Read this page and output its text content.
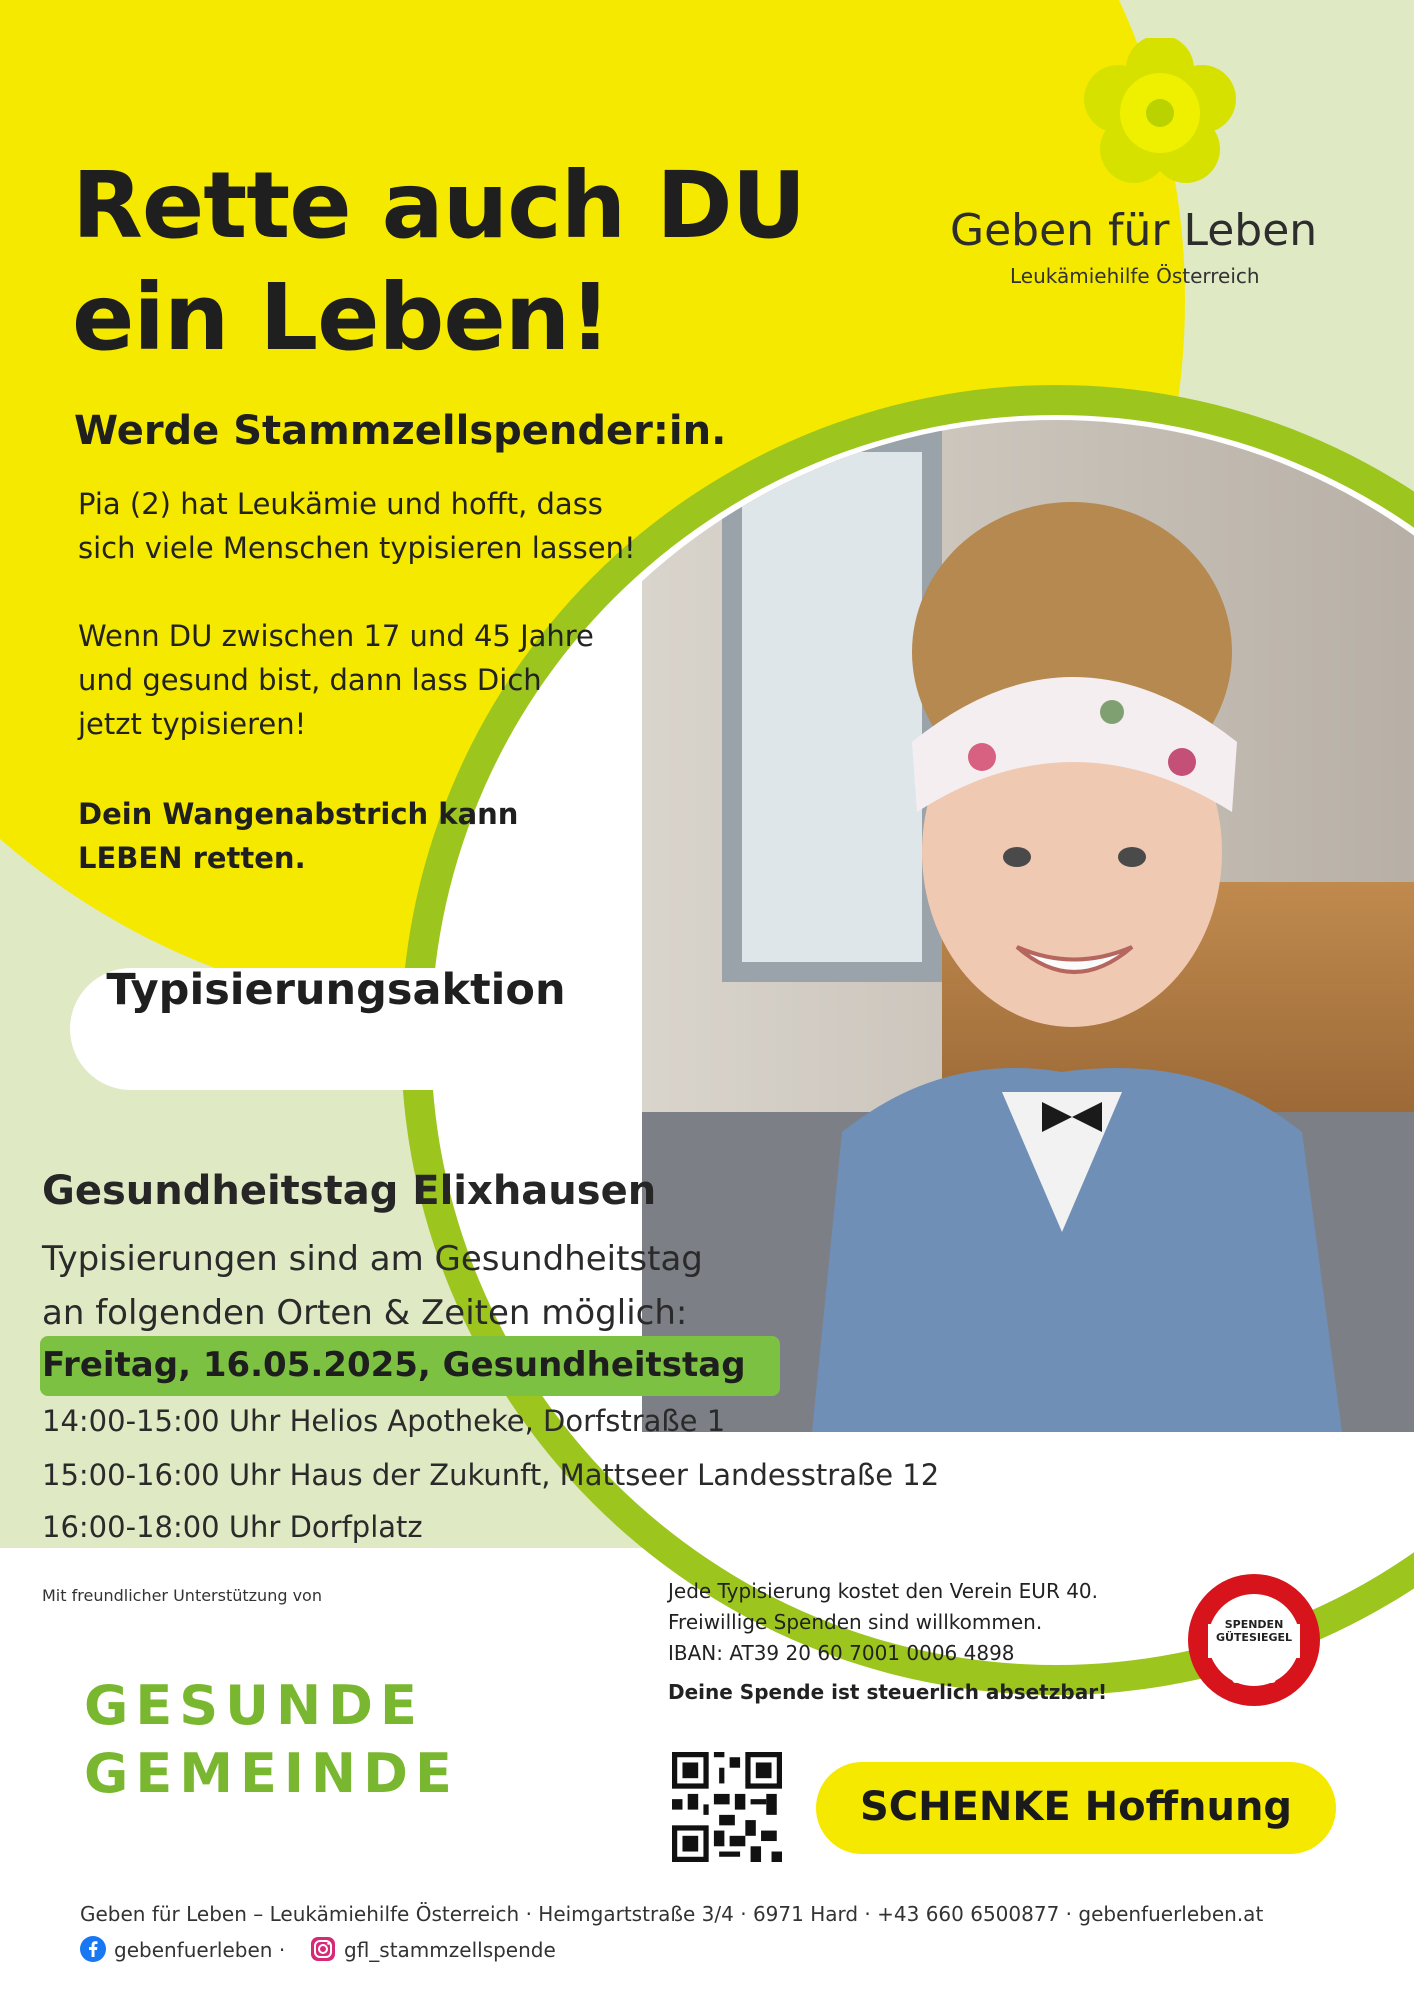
Geben für Leben
Leukämiehilfe Österreich
Rette auch DU
ein Leben!
Werde Stammzellspender:in.
Pia (2) hat Leukämie und hofft, dass
sich viele Menschen typisieren lassen!
Wenn DU zwischen 17 und 45 Jahre
und gesund bist, dann lass Dich
jetzt typisieren!
Dein Wangenabstrich kann
LEBEN retten.
Typisierungsaktion
Gesundheitstag Elixhausen
Typisierungen sind am Gesundheitstag
an folgenden Orten & Zeiten möglich:
Freitag, 16.05.2025, Gesundheitstag
14:00-15:00 Uhr Helios Apotheke, Dorfstraße 1
15:00-16:00 Uhr Haus der Zukunft, Mattseer Landesstraße 12
16:00-18:00 Uhr Dorfplatz
Mit freundlicher Unterstützung von
GESUNDE
GEMEINDE
Jede Typisierung kostet den Verein EUR 40.
Freiwillige Spenden sind willkommen.
IBAN: AT39 20 60 7001 0006 4898
Deine Spende ist steuerlich absetzbar!
SPENDEN
GÜTESIEGEL
06093
SCHENKE Hoffnung
Geben für Leben – Leukämiehilfe Österreich · Heimgartstraße 3/4 · 6971 Hard · +43 660 6500877 · gebenfuerleben.at
gebenfuerleben ·	gfl_stammzellspende
